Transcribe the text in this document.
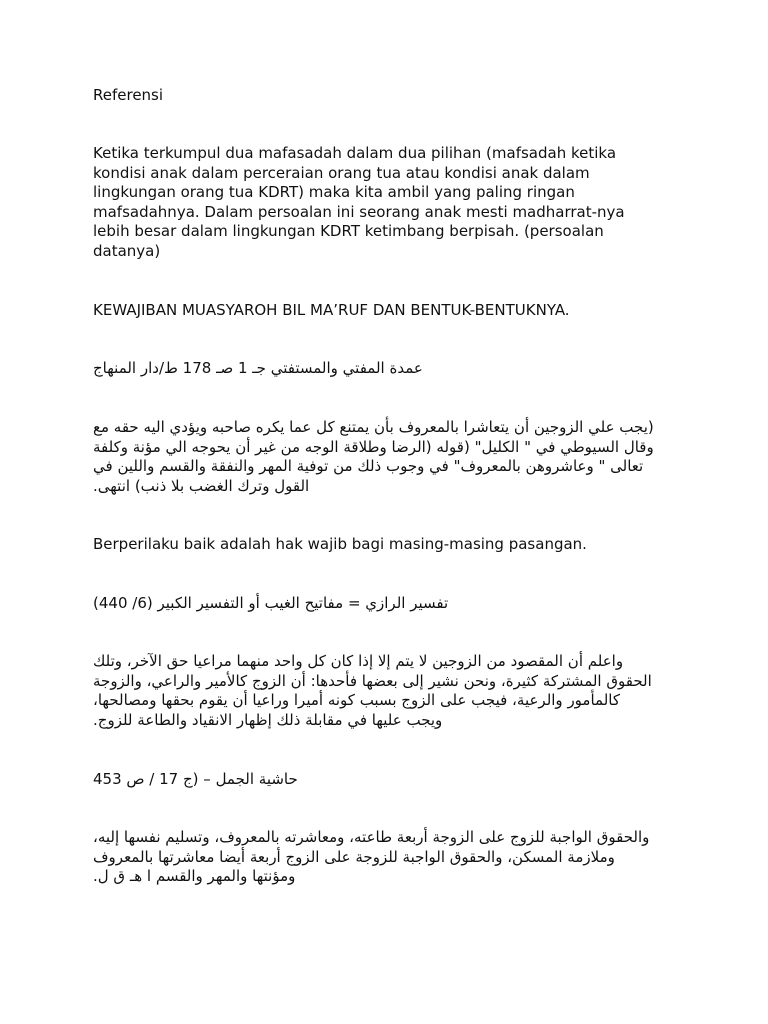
Referensi
Ketika terkumpul dua mafasadah dalam dua pilihan (mafsadah ketika
kondisi anak dalam perceraian orang tua atau kondisi anak dalam
lingkungan orang tua KDRT) maka kita ambil yang paling ringan
mafsadahnya. Dalam persoalan ini seorang anak mesti madharrat-nya
lebih besar dalam lingkungan KDRT ketimbang berpisah. (persoalan
datanya)
KEWAJIBAN MUASYAROH BIL MA’RUF DAN BENTUK-BENTUKNYA.
عمدة المفتي والمستفتي جـ 1 صـ 178 ط/دار المنهاج
(يجب علي الزوجين أن يتعاشرا بالمعروف بأن يمتنع كل عما يكره صاحبه ويؤدي اليه حقه مع
وقال السيوطي في " الكليل" (قوله (الرضا وطلاقة الوجه من غير أن يحوجه الي مؤنة وكلفة
تعالى " وعاشروهن بالمعروف" في وجوب ذلك من توفية المهر والنفقة والقسم واللين في
القول وترك الغضب بلا ذنب) انتهى.
Berperilaku baik adalah hak wajib bagi masing-masing pasangan.
تفسير الرازي = مفاتيح الغيب أو التفسير الكبير (6/ 440)
واعلم أن المقصود من الزوجين لا يتم إلا إذا كان كل واحد منهما مراعيا حق الآخر، وتلك
الحقوق المشتركة كثيرة، ونحن نشير إلى بعضها فأحدها: أن الزوج كالأمير والراعي، والزوجة
كالمأمور والرعية، فيجب على الزوج بسبب كونه أميرا وراعيا أن يقوم بحقها ومصالحها،
ويجب عليها في مقابلة ذلك إظهار الانقياد والطاعة للزوج.
حاشية الجمل – (ج 17 / ص 453
والحقوق الواجبة للزوج على الزوجة أربعة طاعته، ومعاشرته بالمعروف، وتسليم نفسها إليه،
وملازمة المسكن، والحقوق الواجبة للزوجة على الزوج أربعة أيضا معاشرتها بالمعروف
ومؤنتها والمهر والقسم ا هـ ق ل.
